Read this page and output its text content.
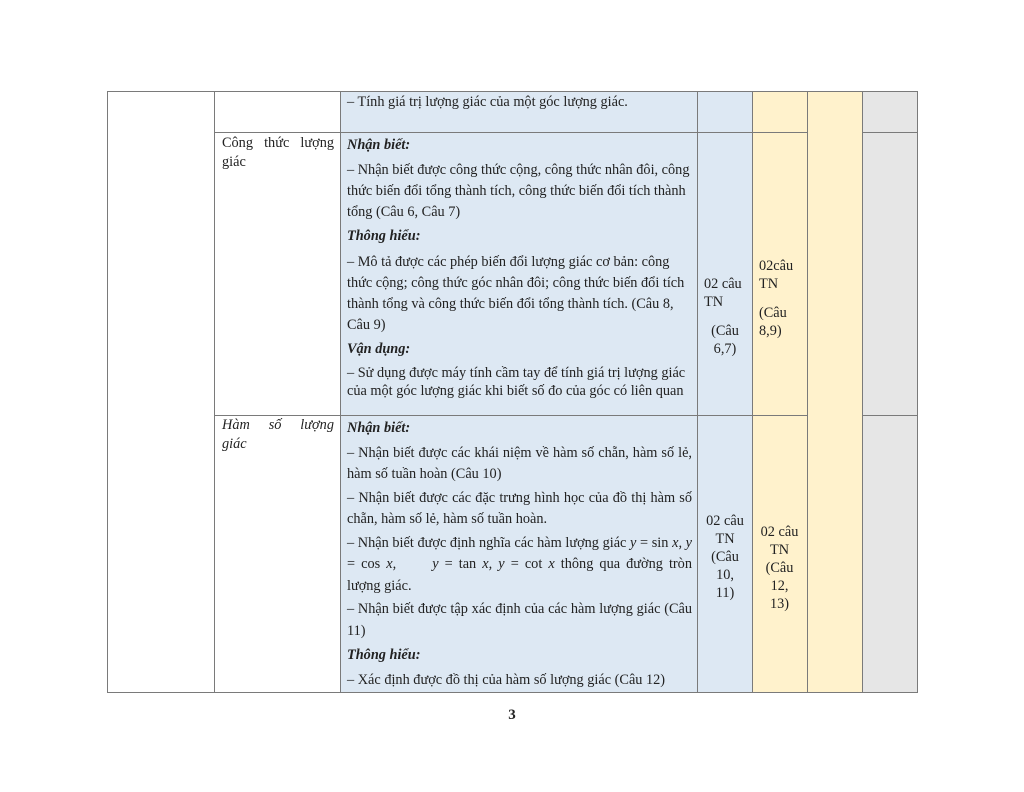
– Tính giá trị lượng giác của một góc lượng giác.
Công thức lượng giác
Nhận biết:
– Nhận biết được công thức cộng, công thức nhân đôi, công thức biến đổi tổng thành tích, công thức biến đổi tích thành tổng (Câu 6, Câu 7)
Thông hiểu:
– Mô tả được các phép biến đổi lượng giác cơ bản: công thức cộng; công thức góc nhân đôi; công thức biến đổi tích thành tổng và công thức biến đổi tổng thành tích. (Câu 8, Câu 9)
Vận dụng:
– Sử dụng được máy tính cầm tay để tính giá trị lượng giác của một góc lượng giác khi biết số đo của góc có liên quan
02 câu
TN
(Câu
6,7)
02câu
TN
(Câu
8,9)
Hàm số lượng
giác
Nhận biết:
– Nhận biết được các khái niệm về hàm số chẵn, hàm số lẻ, hàm số tuần hoàn (Câu 10)
– Nhận biết được các đặc trưng hình học của đồ thị hàm số chẵn, hàm số lẻ, hàm số tuần hoàn.
– Nhận biết được định nghĩa các hàm lượng giác y = sin x, y = cos x,	y = tan x, y = cot x thông qua đường tròn lượng giác.
– Nhận biết được tập xác định của các hàm lượng giác (Câu 11)
Thông hiểu:
– Xác định được đồ thị của hàm số lượng giác (Câu 12)
02 câu
TN
(Câu
10,
11)
02 câu
TN
(Câu
12,
13)
3
